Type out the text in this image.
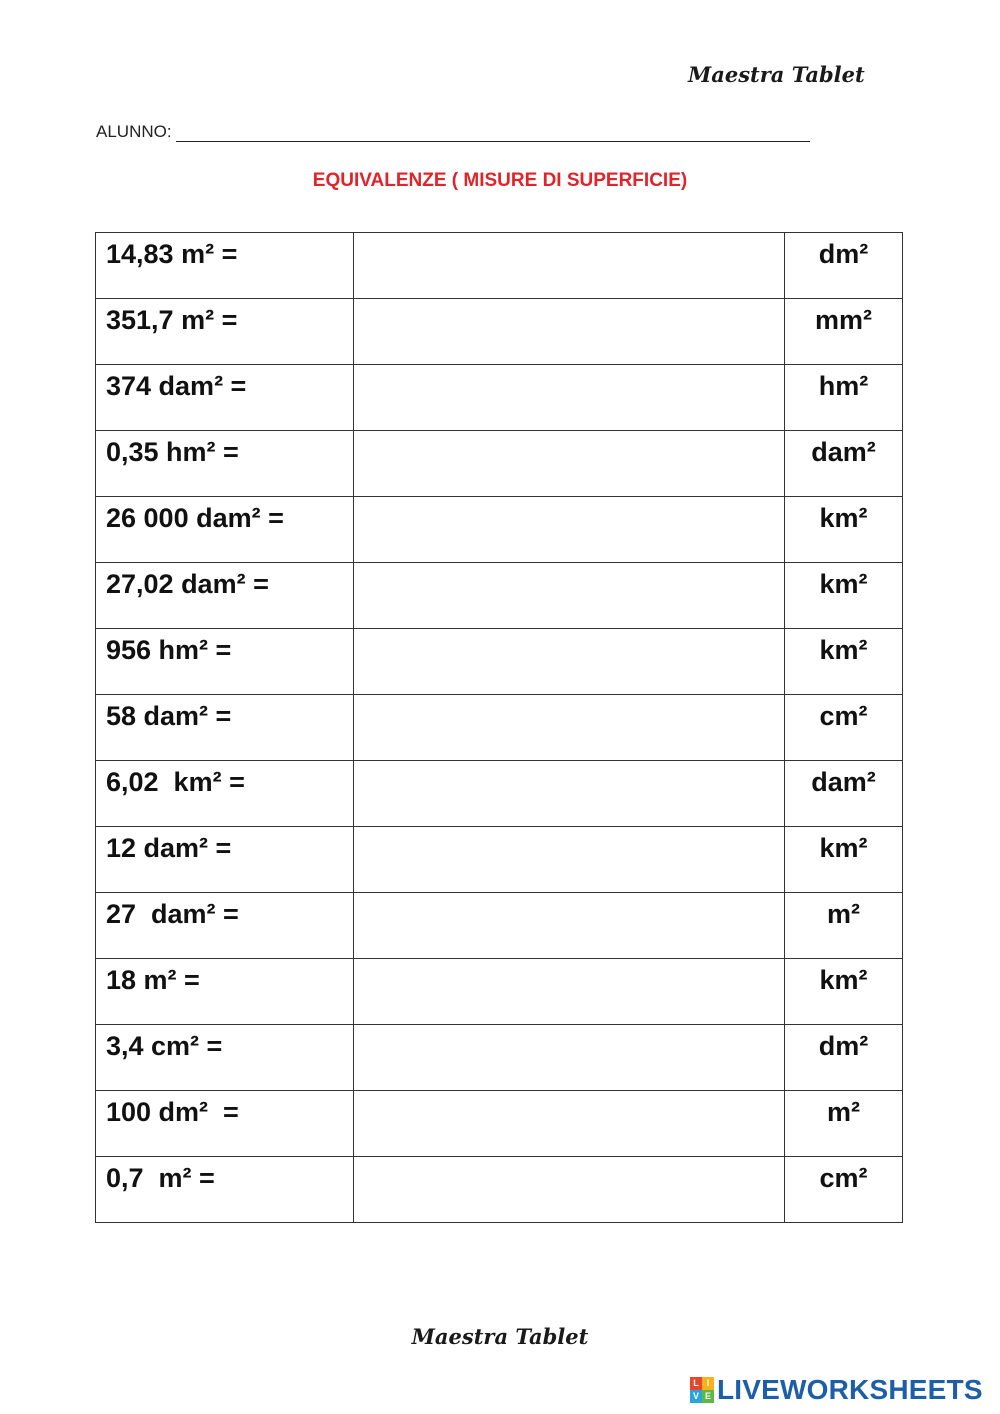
Maestra Tablet
ALUNNO:
EQUIVALENZE ( MISURE DI SUPERFICIE)
14,83 m² =		dm²

351,7 m² =		mm²

374 dam² =		hm²

0,35 hm² =		dam²

26 000 dam² =		km²

27,02 dam² =		km²

956 hm² =		km²

58 dam² =		cm²

6,02  km² =		dam²

12 dam² =		km²

27  dam² =		m²

18 m² =		km²

3,4 cm² =		dm²

100 dm²  =		m²

0,7  m² =		cm²
Maestra Tablet
L I
V E LIVEWORKSHEETS
